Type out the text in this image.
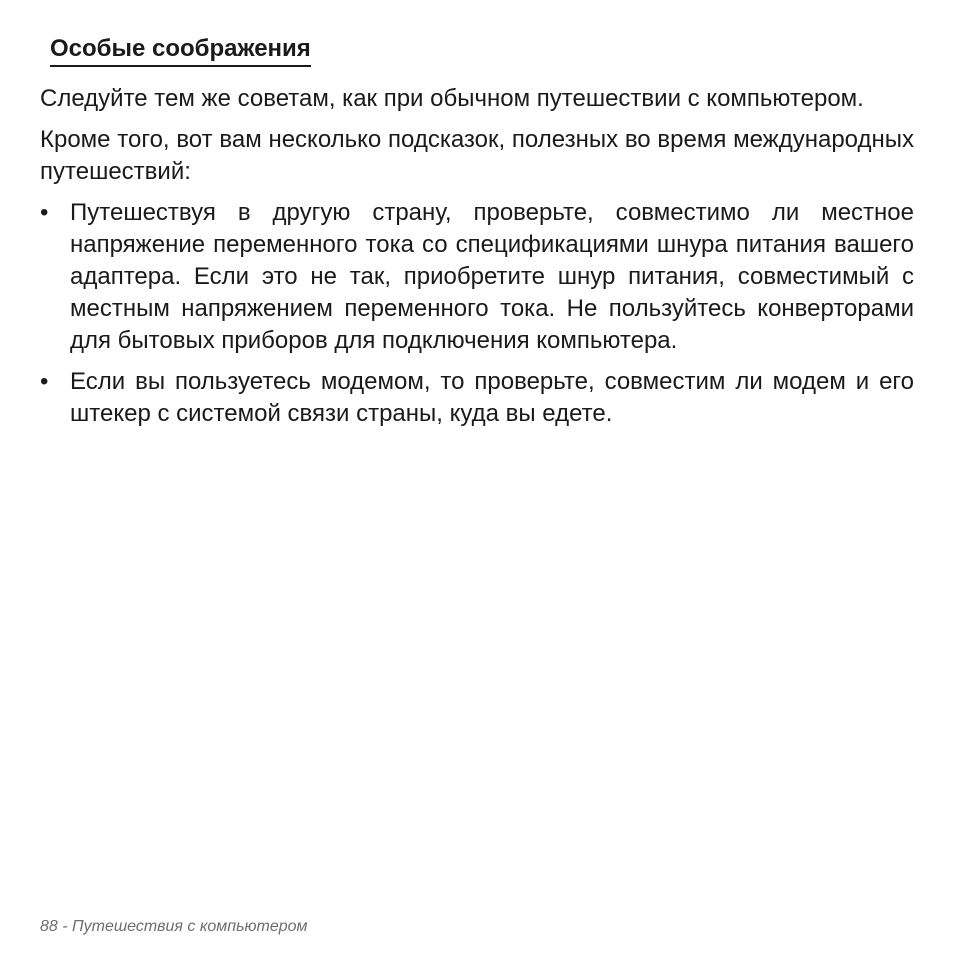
Особые соображения

Следуйте тем же советам, как при обычном путешествии с компьютером.

Кроме того, вот вам несколько подсказок, полезных во время международных путешествий:

• Путешествуя в другую страну, проверьте, совместимо ли местное напряжение переменного тока со спецификациями шнура питания вашего адаптера. Если это не так, приобретите шнур питания, совместимый с местным напряжением переменного тока. Не пользуйтесь конверторами для бытовых приборов для подключения компьютера.
• Если вы пользуетесь модемом, то проверьте, совместим ли модем и его штекер с системой связи страны, куда вы едете.
88 - Путешествия с компьютером
